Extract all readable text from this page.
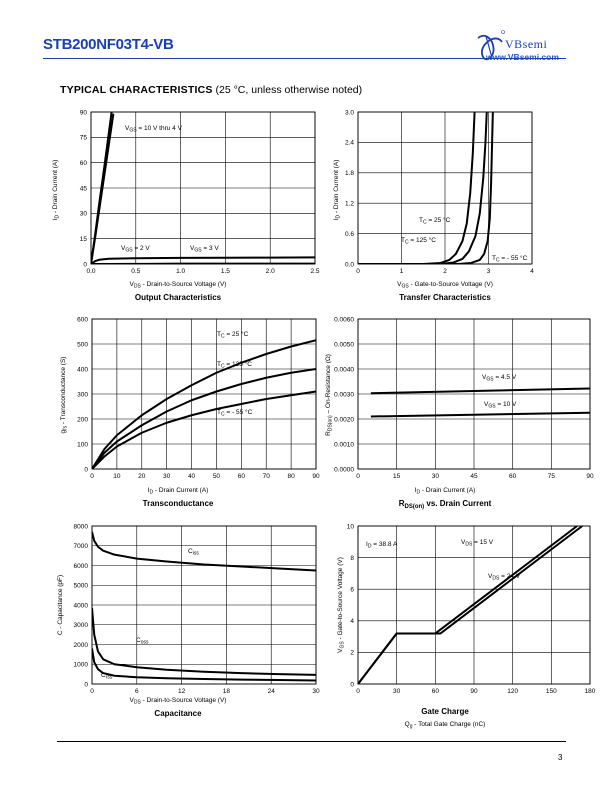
STB200NF03T4-VB	VBsemi
www.VBsemi.com
TYPICAL CHARACTERISTICS (25 °C, unless otherwise noted)
0.0	0.5	1.0	1.5	2.0	2.5
0
15
30
45
60
75
90
$I_D$ - Drain Current (A)
$V_{DS}$ - Drain-to-Source Voltage (V)
Output Characteristics
$V_{GS} = 10$ V thru 4 V
$V_{GS} = 2$ V	$V_{GS} = 3$ V
0	1	2	3	4
0.0
0.6
1.2
1.8
2.4
3.0
$I_D$ - Drain Current (A)
$V_{GS}$ - Gate-to-Source Voltage (V)
Transfer Characteristics
$T_C = 25$ °C
$T_C = 125$ °C
$T_C$ = - 55 °C
0	10	20	30	40	50	60	70	80	90
0
100
200
300
400
500
600
$g_{fs}$ - Transconductance (S)
$I_D$ - Drain Current (A)
Transconductance
$T_C = 25$ °C
$T_C = 125$ °C
$T_C$ = - 55 °C
0	15	30	45	60	75	90
0.0000
0.0010
0.0020
0.0030
0.0040
0.0050
0.0060
$R_{DS(on)}$ – On-Resistance (Ω)
$I_D$ - Drain Current (A)
$R_{DS(on)}$ vs. Drain Current
$V_{GS} = 4.5$ V
$V_{GS} = 10$ V
0	6	12	18	24	30
0
1000
2000
3000
4000
5000
6000
7000
8000
C - Capacitance (pF)
$V_{DS}$ - Drain-to-Source Voltage (V)
Capacitance
$C_{iss}$
$C_{oss}$
$C_{rss}$
0	30	60	90	120	150	180
0
2
4
6
8
10
$V_{GS}$ - Gate-to-Source Voltage (V)
$Q_g$ - Total Gate Charge (nC)
Gate Charge
$I_D = 38.8$ A	$V_{DS} = 15$ V
$V_{DS} = 24$ V
3
